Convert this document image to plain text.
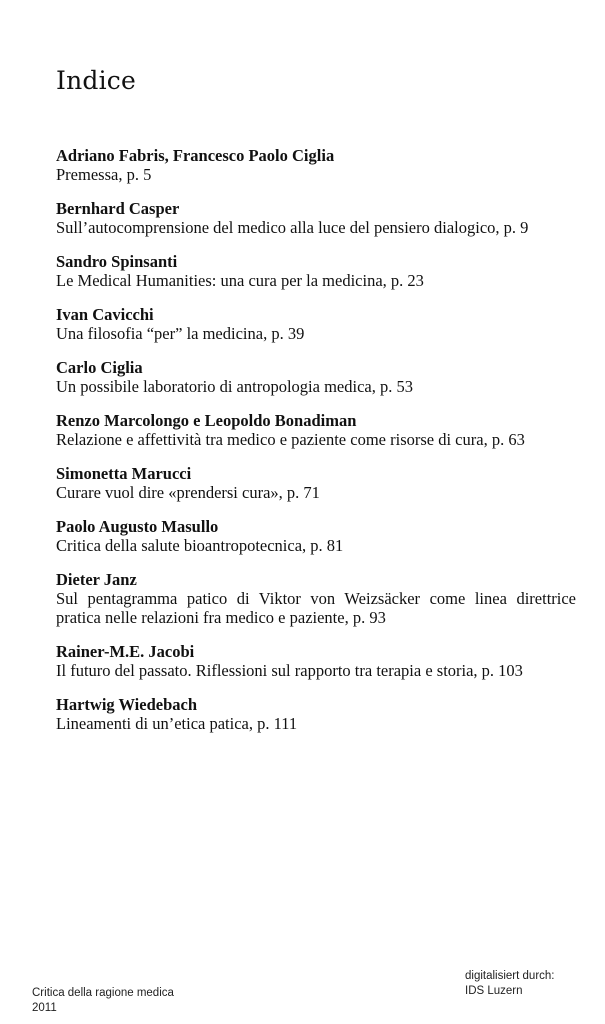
Indice
Adriano Fabris, Francesco Paolo Ciglia
Premessa, p. 5
Bernhard Casper
Sull’autocomprensione del medico alla luce del pensiero dialogico, p. 9
Sandro Spinsanti
Le Medical Humanities: una cura per la medicina, p. 23
Ivan Cavicchi
Una filosofia “per” la medicina, p. 39
Carlo Ciglia
Un possibile laboratorio di antropologia medica, p. 53
Renzo Marcolongo e Leopoldo Bonadiman
Relazione e affettività tra medico e paziente come risorse di cura, p. 63
Simonetta Marucci
Curare vuol dire «prendersi cura», p. 71
Paolo Augusto Masullo
Critica della salute bioantropotecnica, p. 81
Dieter Janz
Sul pentagramma patico di Viktor von Weizsäcker come linea direttrice pratica nelle relazioni fra medico e paziente, p. 93
Rainer-M.E. Jacobi
Il futuro del passato. Riflessioni sul rapporto tra terapia e storia, p. 103
Hartwig Wiedebach
Lineamenti di un’etica patica, p. 111
Critica della ragione medica
2011
digitalisiert durch:
IDS Luzern
